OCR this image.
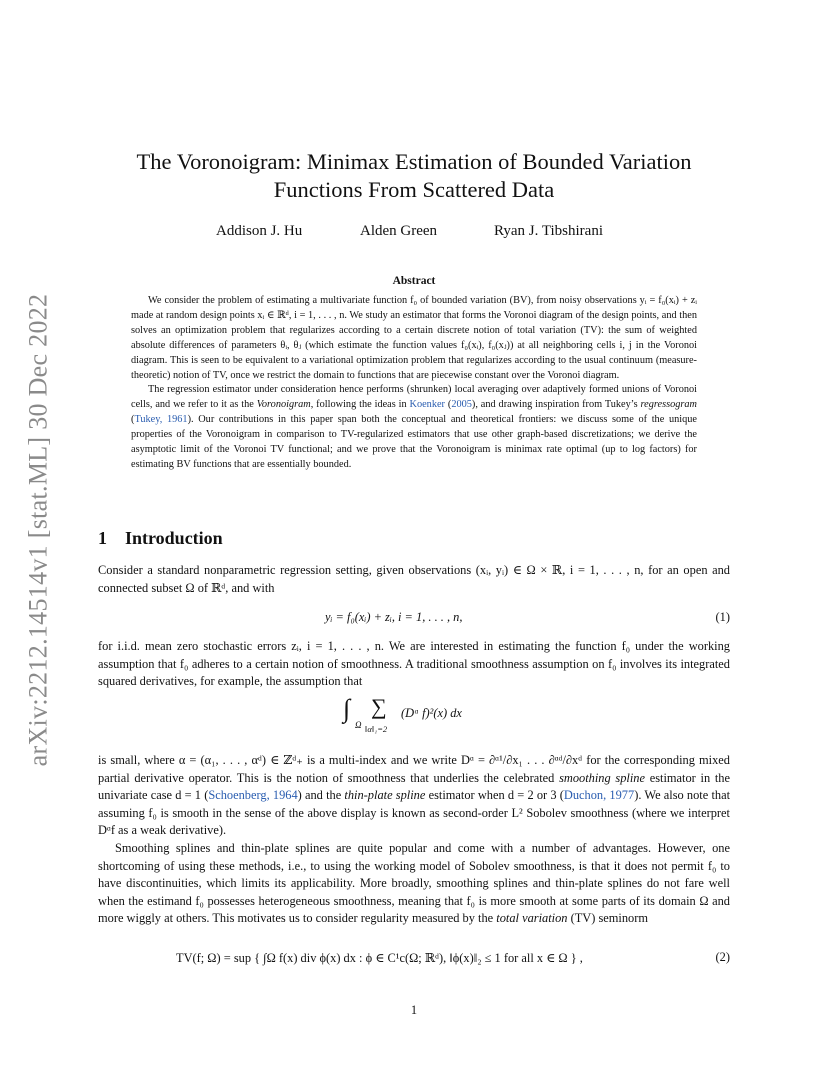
arXiv:2212.14514v1 [stat.ML] 30 Dec 2022
The Voronoigram: Minimax Estimation of Bounded Variation
Functions From Scattered Data
Addison J. Hu	Alden Green	Ryan J. Tibshirani
Abstract

We consider the problem of estimating a multivariate function f₀ of bounded variation (BV), from noisy observations yᵢ = f₀(xᵢ) + zᵢ made at random design points xᵢ ∈ ℝᵈ, i = 1, . . . , n. We study an estimator that forms the Voronoi diagram of the design points, and then solves an optimization problem that regularizes according to a certain discrete notion of total variation (TV): the sum of weighted absolute differences of parameters θᵢ, θⱼ (which estimate the function values f₀(xᵢ), f₀(xⱼ)) at all neighboring cells i, j in the Voronoi diagram. This is seen to be equivalent to a variational optimization problem that regularizes according to the usual continuum (measure-theoretic) notion of TV, once we restrict the domain to functions that are piecewise constant over the Voronoi diagram.

The regression estimator under consideration hence performs (shrunken) local averaging over adaptively formed unions of Voronoi cells, and we refer to it as the Voronoigram, following the ideas in Koenker (2005), and drawing inspiration from Tukey’s regressogram (Tukey, 1961). Our contributions in this paper span both the conceptual and theoretical frontiers: we discuss some of the unique properties of the Voronoigram in comparison to TV-regularized estimators that use other graph-based discretizations; we derive the asymptotic limit of the Voronoi TV functional; and we prove that the Voronoigram is minimax rate optimal (up to log factors) for estimating BV functions that are essentially bounded.

1 Introduction

Consider a standard nonparametric regression setting, given observations (xᵢ, yᵢ) ∈ Ω × ℝ, i = 1, . . . , n, for an open and connected subset Ω of ℝᵈ, and with

yᵢ = f₀(xᵢ) + zᵢ, i = 1, . . . , n,	(1)

for i.i.d. mean zero stochastic errors zᵢ, i = 1, . . . , n. We are interested in estimating the function f₀ under the working assumption that f₀ adheres to a certain notion of smoothness. A traditional smoothness assumption on f₀ involves its integrated squared derivatives, for example, the assumption that

∫
Ω
∑
‖α‖₁=2
(Dᵅ f)²(x) dx

is small, where α = (α₁, . . . , αᵈ) ∈ ℤᵈ₊ is a multi-index and we write Dᵅ = ∂ᵅ¹/∂x₁ . . . ∂ᵅᵈ/∂xᵈ for the corresponding mixed partial derivative operator. This is the notion of smoothness that underlies the celebrated smoothing spline estimator in the univariate case d = 1 (Schoenberg, 1964) and the thin-plate spline estimator when d = 2 or 3 (Duchon, 1977). We also note that assuming f₀ is smooth in the sense of the above display is known as second-order L² Sobolev smoothness (where we interpret Dᵅf as a weak derivative).

Smoothing splines and thin-plate splines are quite popular and come with a number of advantages. However, one shortcoming of using these methods, i.e., to using the working model of Sobolev smoothness, is that it does not permit f₀ to have discontinuities, which limits its applicability. More broadly, smoothing splines and thin-plate splines do not fare well when the estimand f₀ possesses heterogeneous smoothness, meaning that f₀ is more smooth at some parts of its domain Ω and more wiggly at others. This motivates us to consider regularity measured by the total variation (TV) seminorm

TV(f; Ω) = sup { ∫Ω f(x) div ϕ(x) dx : ϕ ∈ C¹c(Ω; ℝᵈ), ‖ϕ(x)‖₂ ≤ 1 for all x ∈ Ω } ,	(2)
1
